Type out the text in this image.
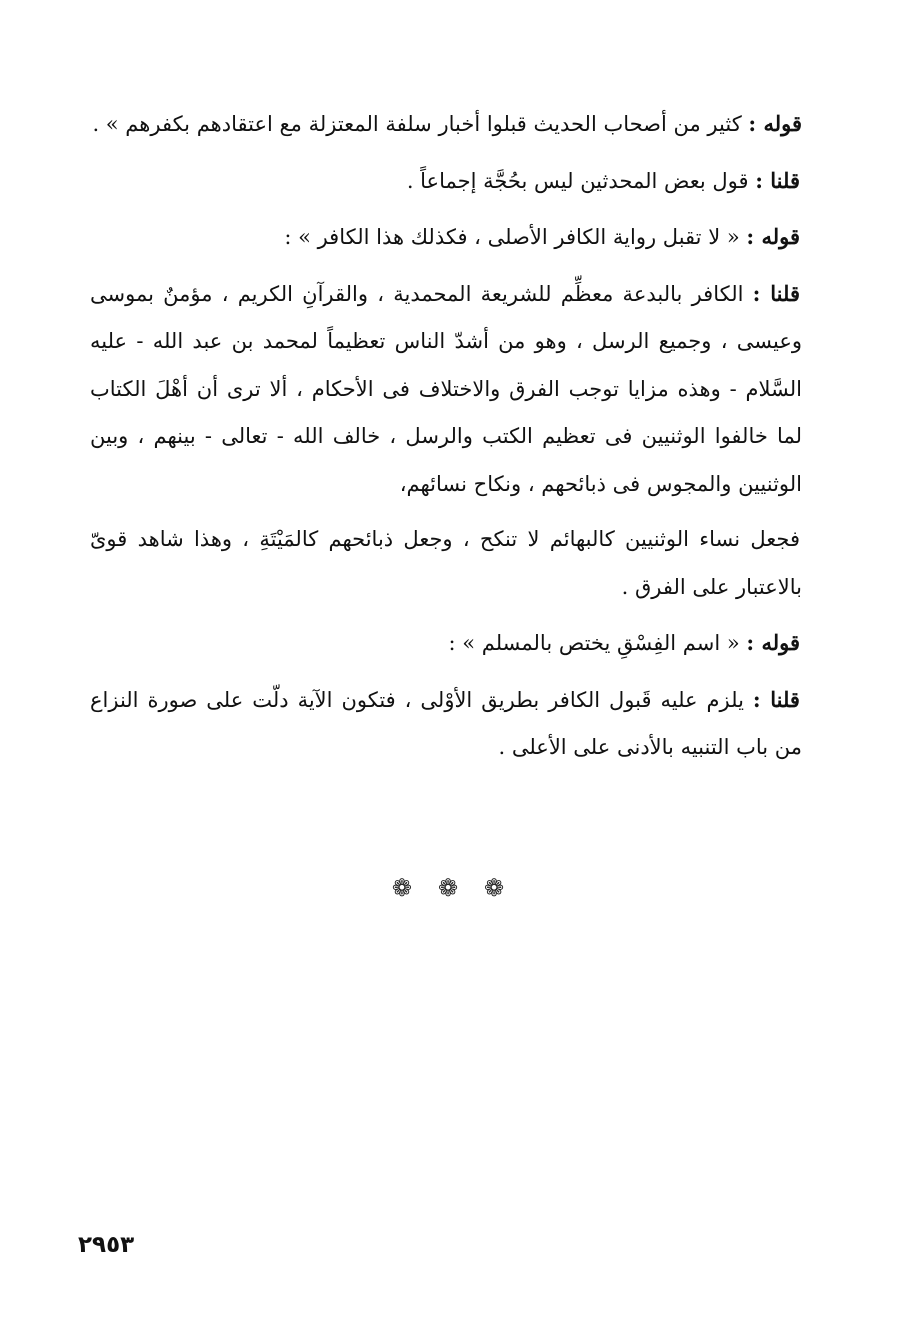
قوله : كثير من أصحاب الحديث قبلوا أخبار سلفة المعتزلة مع اعتقادهم بكفرهم » .

قلنا : قول بعض المحدثين ليس بحُجَّة إجماعاً .

قوله : « لا تقبل رواية الكافر الأصلى ، فكذلك هذا الكافر » :

قلنا : الكافر بالبدعة معظِّم للشريعة المحمدية ، والقرآنِ الكريم ، مؤمنٌ بموسى وعيسى ، وجميع الرسل ، وهو من أشدّ الناس تعظيماً لمحمد بن عبد الله - عليه السَّلام - وهذه مزايا توجب الفرق والاختلاف فى الأحكام ، ألا ترى أن أهْلَ الكتاب لما خالفوا الوثنيين فى تعظيم الكتب والرسل ، خالف الله - تعالى - بينهم ، وبين الوثنيين والمجوس فى ذبائحهم ، ونكاح نسائهم،

فجعل نساء الوثنيين كالبهائم لا تنكح ، وجعل ذبائحهم كالمَيْتَةِ ، وهذا شاهد قوىّ بالاعتبار على الفرق .

قوله : « اسم الفِسْقِ يختص بالمسلم » :

قلنا : يلزم عليه قَبول الكافر بطريق الأوْلى ، فتكون الآية دلّت على صورة النزاع من باب التنبيه بالأدنى على الأعلى .

❁❁❁
٢٩٥٣
